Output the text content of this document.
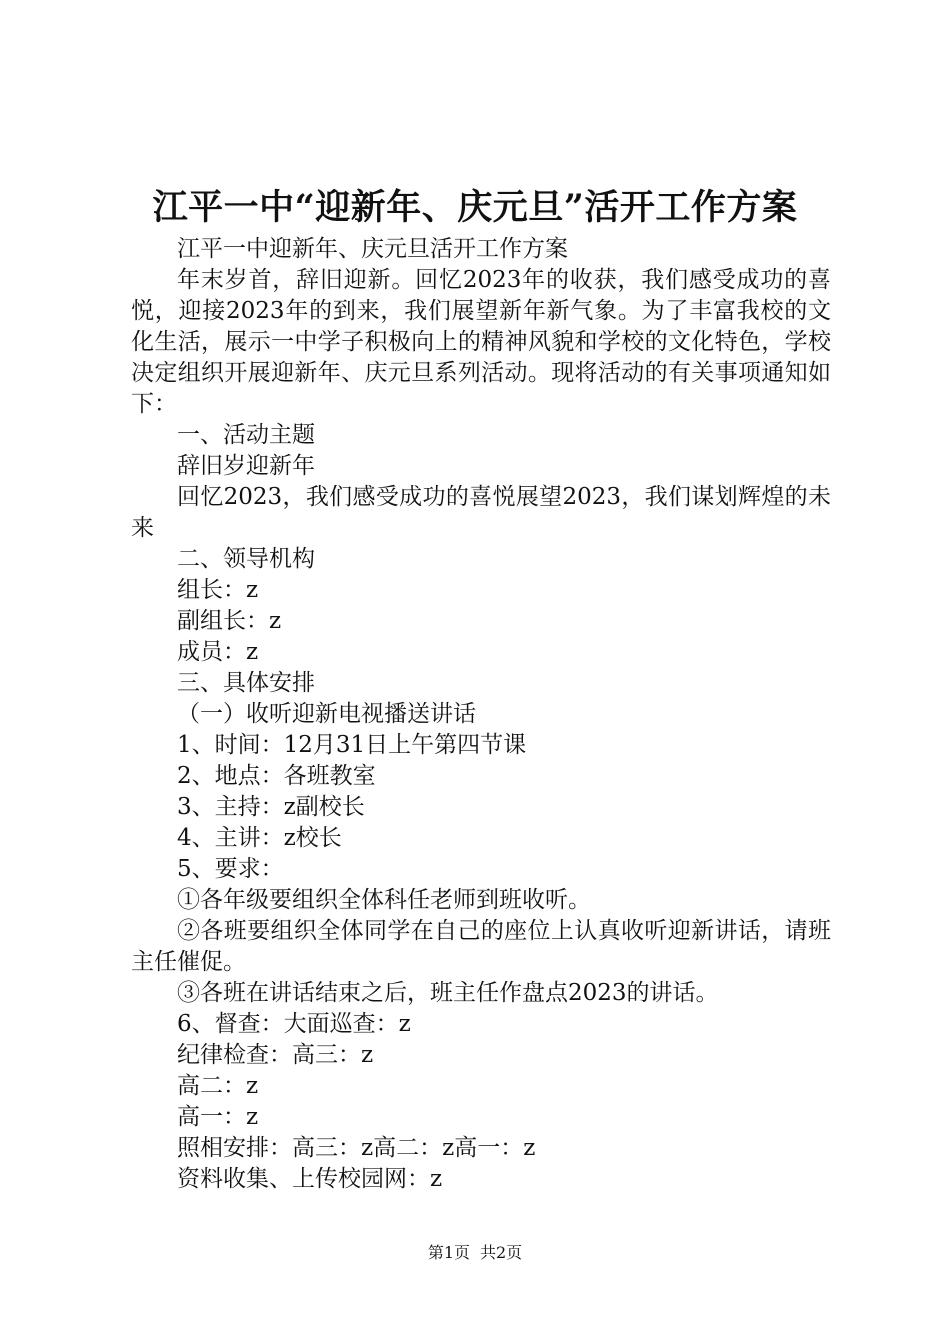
江平一中“迎新年、庆元旦”活开工作方案

江平一中迎新年、庆元旦活开工作方案

年末岁首，辞旧迎新。回忆2023年的收获，我们感受成功的喜悦，迎接2023年的到来，我们展望新年新气象。为了丰富我校的文化生活，展示一中学子积极向上的精神风貌和学校的文化特色，学校决定组织开展迎新年、庆元旦系列活动。现将活动的有关事项通知如下：

一、活动主题

辞旧岁迎新年

回忆2023，我们感受成功的喜悦展望2023，我们谋划辉煌的未来

二、领导机构

组长：z

副组长：z

成员：z

三、具体安排

（一）收听迎新电视播送讲话

1、时间：12月31日上午第四节课

2、地点：各班教室

3、主持：z副校长

4、主讲：z校长

5、要求：

①各年级要组织全体科任老师到班收听。

②各班要组织全体同学在自己的座位上认真收听迎新讲话，请班主任催促。

③各班在讲话结束之后，班主任作盘点2023的讲话。

6、督查：大面巡查：z

纪律检查：高三：z

高二：z

高一：z

照相安排：高三：z高二：z高一：z

资料收集、上传校园网：z

第1页 共2页
